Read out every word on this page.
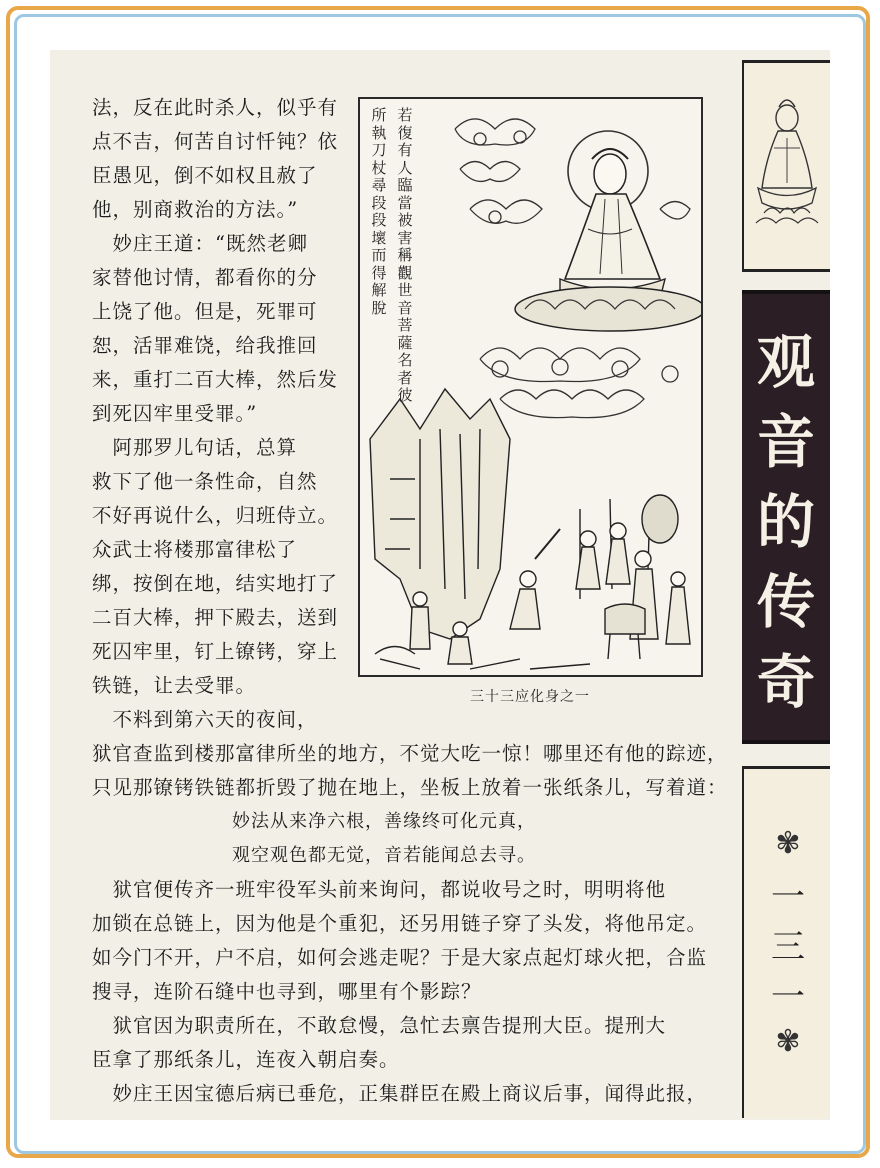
法，反在此时杀人，似乎有
点不吉，何苦自讨忏钝？依
臣愚见，倒不如权且赦了
他，别商救治的方法。”
　妙庄王道：“既然老卿
家替他讨情，都看你的分
上饶了他。但是，死罪可
恕，活罪难饶，给我推回
来，重打二百大棒，然后发
到死囚牢里受罪。”
　阿那罗儿句话，总算
救下了他一条性命，自然
不好再说什么，归班侍立。
众武士将楼那富律松了
绑，按倒在地，结实地打了
二百大棒，押下殿去，送到
死囚牢里，钉上镣铐，穿上
铁链，让去受罪。
　不料到第六天的夜间，
若復有人臨當被害稱觀世音菩薩名者彼
所執刀杖尋段段壞而得解脫
三十三应化身之一
狱官查监到楼那富律所坐的地方，不觉大吃一惊！哪里还有他的踪迹，
只见那镣铐铁链都折毁了抛在地上，坐板上放着一张纸条儿，写着道：
妙法从来净六根，善缘终可化元真，
观空观色都无觉，音若能闻总去寻。
　狱官便传齐一班牢役军头前来询问，都说收号之时，明明将他
加锁在总链上，因为他是个重犯，还另用链子穿了头发，将他吊定。
如今门不开，户不启，如何会逃走呢？于是大家点起灯球火把，合监
搜寻，连阶石缝中也寻到，哪里有个影踪？
　狱官因为职责所在，不敢怠慢，急忙去禀告提刑大臣。提刑大
臣拿了那纸条儿，连夜入朝启奏。
　妙庄王因宝德后病已垂危，正集群臣在殿上商议后事，闻得此报，
观
音
的
传
奇
✾
一
三
一
✾
